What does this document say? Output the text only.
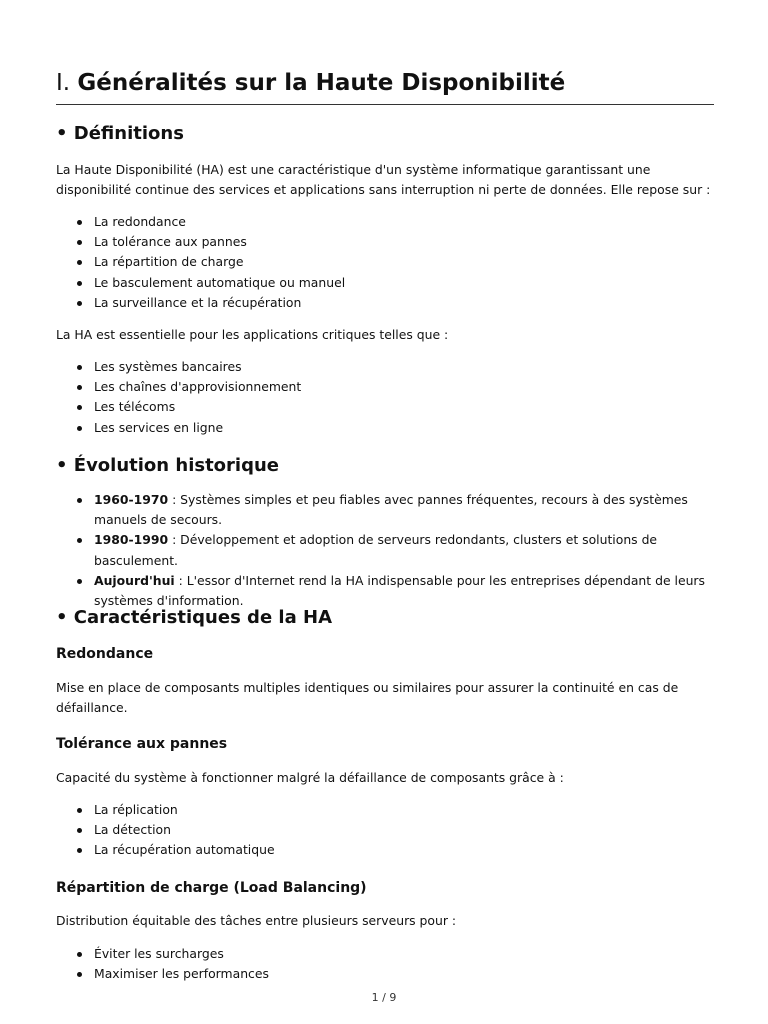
I. Généralités sur la Haute Disponibilité
• Définitions

La Haute Disponibilité (HA) est une caractéristique d'un système informatique garantissant une disponibilité continue des services et applications sans interruption ni perte de données. Elle repose sur :

La redondance
La tolérance aux pannes
La répartition de charge
Le basculement automatique ou manuel
La surveillance et la récupération

La HA est essentielle pour les applications critiques telles que :

Les systèmes bancaires
Les chaînes d'approvisionnement
Les télécoms
Les services en ligne
• Évolution historique
1960-1970 : Systèmes simples et peu fiables avec pannes fréquentes, recours à des systèmes manuels de secours.
1980-1990 : Développement et adoption de serveurs redondants, clusters et solutions de basculement.
Aujourd'hui : L'essor d'Internet rend la HA indispensable pour les entreprises dépendant de leurs systèmes d'information.
• Caractéristiques de la HA
Redondance

Mise en place de composants multiples identiques ou similaires pour assurer la continuité en cas de défaillance.

Tolérance aux pannes

Capacité du système à fonctionner malgré la défaillance de composants grâce à :

La réplication
La détection
La récupération automatique
Répartition de charge (Load Balancing)

Distribution équitable des tâches entre plusieurs serveurs pour :

Éviter les surcharges
Maximiser les performances
1 / 9
